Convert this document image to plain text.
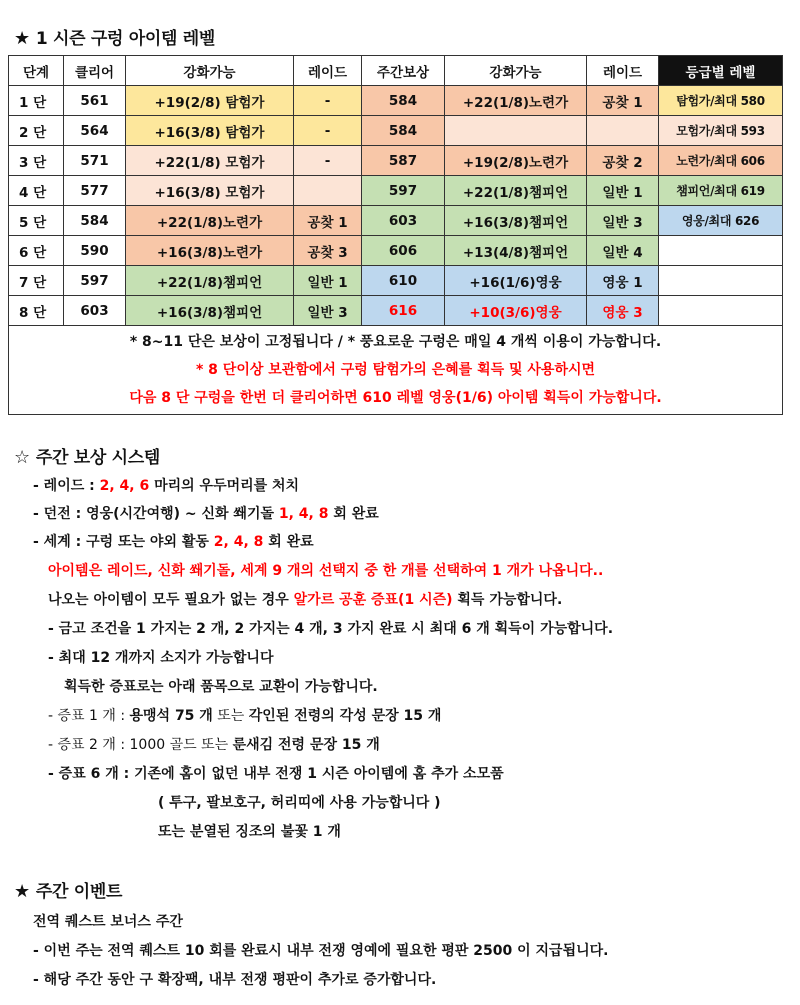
★ 1 시즌 구렁 아이템 레벨
단계	클리어	강화가능	레이드	주간보상	강화가능	레이드	등급별 레벨
1 단	561	+19(2/8) 탐험가	-	584	+22(1/8)노련가	공찾 1	탐험가/최대 580
2 단	564	+16(3/8) 탐험가	-	584			모험가/최대 593
3 단	571	+22(1/8) 모험가	-	587	+19(2/8)노련가	공찾 2	노련가/최대 606
4 단	577	+16(3/8) 모험가		597	+22(1/8)챔피언	일반 1	챔피언/최대 619
5 단	584	+22(1/8)노련가	공찾 1	603	+16(3/8)챔피언	일반 3	영웅/최대 626
6 단	590	+16(3/8)노련가	공찾 3	606	+13(4/8)챔피언	일반 4	
7 단	597	+22(1/8)챔피언	일반 1	610	+16(1/6)영웅	영웅 1	
8 단	603	+16(3/8)챔피언	일반 3	616	+10(3/6)영웅	영웅 3	

* 8~11 단은 보상이 고정됩니다 / * 풍요로운 구렁은 매일 4 개씩 이용이 가능합니다.
* 8 단이상 보관함에서 구렁 탐험가의 은혜를 획득 및 사용하시면
다음 8 단 구렁을 한번 더 클리어하면 610 레벨 영웅(1/6) 아이템 획득이 가능합니다.							
☆ 주간 보상 시스템
- 레이드 : 2, 4, 6 마리의 우두머리를 처치
- 던전 : 영웅(시간여행) ~ 신화 쐐기돌 1, 4, 8 회 완료
- 세계 : 구렁 또는 야외 활동 2, 4, 8 회 완료
아이템은 레이드, 신화 쐐기돌, 세계 9 개의 선택지 중 한 개를 선택하여 1 개가 나옵니다..
나오는 아이템이 모두 필요가 없는 경우 알가르 공훈 증표(1 시즌) 획득 가능합니다.
- 금고 조건을 1 가지는 2 개, 2 가지는 4 개, 3 가지 완료 시 최대 6 개 획득이 가능합니다.
- 최대 12 개까지 소지가 가능합니다
획득한 증표로는 아래 품목으로 교환이 가능합니다.
- 증표 1 개 : 용맹석 75 개 또는 각인된 전령의 각성 문장 15 개
- 증표 2 개 : 1000 골드 또는 룬새김 전령 문장 15 개
- 증표 6 개 : 기존에 홈이 없던 내부 전쟁 1 시즌 아이템에 홈 추가 소모품
( 투구, 팔보호구, 허리띠에 사용 가능합니다 )
또는 분열된 징조의 불꽃 1 개
★ 주간 이벤트
전역 퀘스트 보너스 주간
- 이번 주는 전역 퀘스트 10 회를 완료시 내부 전쟁 영예에 필요한 평판 2500 이 지급됩니다.
- 해당 주간 동안 구 확장팩, 내부 전쟁 평판이 추가로 증가합니다.
